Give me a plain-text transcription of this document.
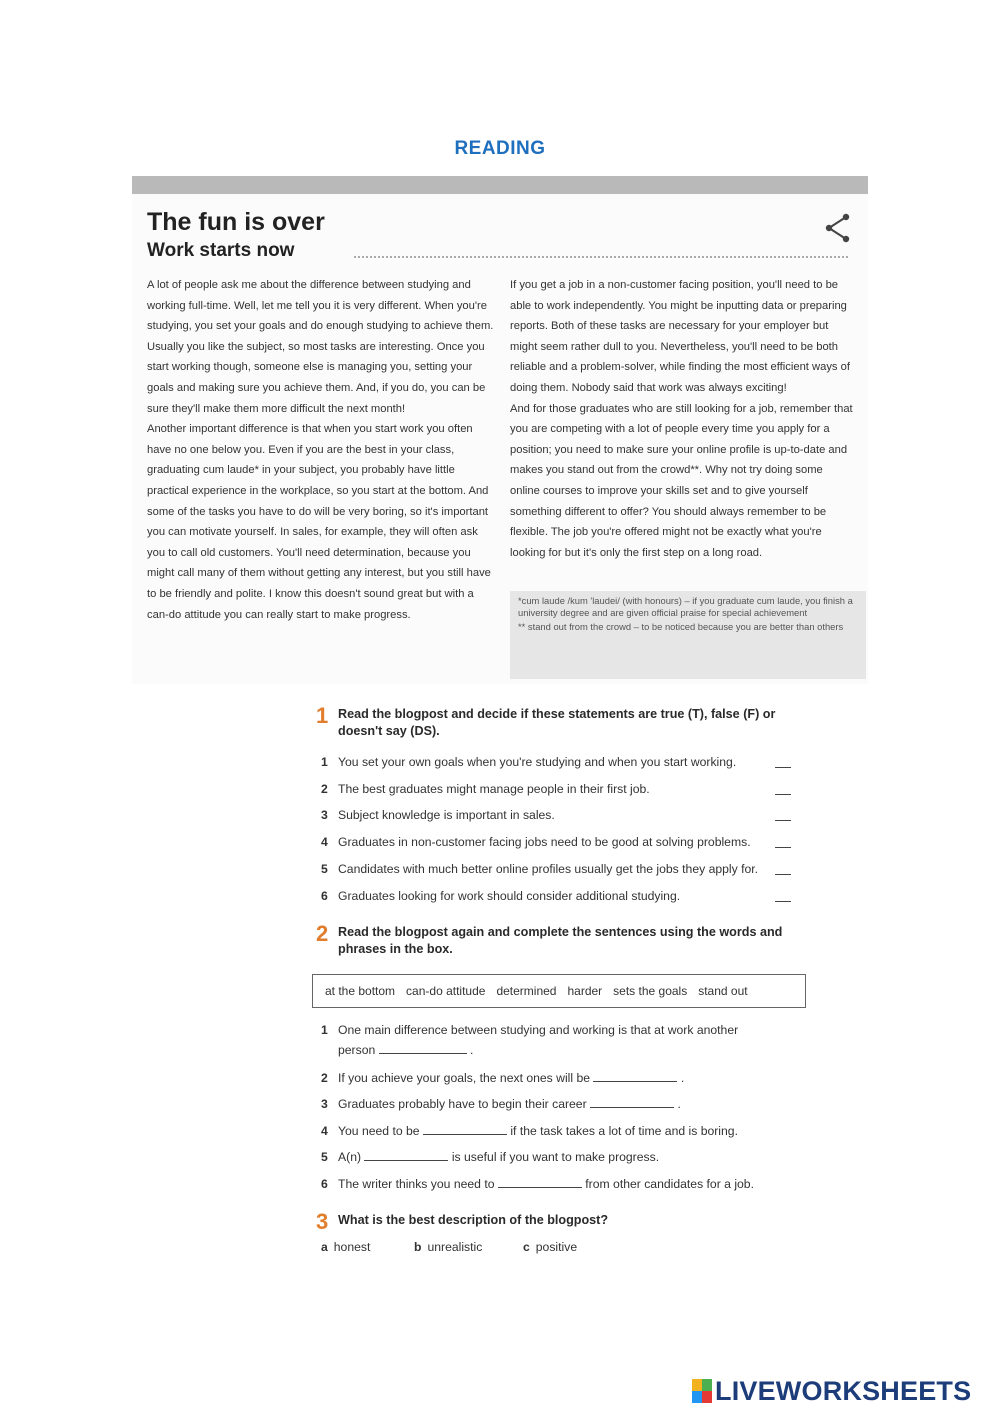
READING
The fun is over
Work starts now

A lot of people ask me about the difference between studying and working full-time. Well, let me tell you it is very different. When you're studying, you set your goals and do enough studying to achieve them. Usually you like the subject, so most tasks are interesting. Once you start working though, someone else is managing you, setting your goals and making sure you achieve them. And, if you do, you can be sure they'll make them more difficult the next month!

Another important difference is that when you start work you often have no one below you. Even if you are the best in your class, graduating cum laude* in your subject, you probably have little practical experience in the workplace, so you start at the bottom. And some of the tasks you have to do will be very boring, so it's important you can motivate yourself. In sales, for example, they will often ask you to call old customers. You'll need determination, because you might call many of them without getting any interest, but you still have to be friendly and polite. I know this doesn't sound great but with a can-do attitude you can really start to make progress.

If you get a job in a non-customer facing position, you'll need to be able to work independently. You might be inputting data or preparing reports. Both of these tasks are necessary for your employer but might seem rather dull to you. Nevertheless, you'll need to be both reliable and a problem-solver, while finding the most efficient ways of doing them. Nobody said that work was always exciting!

And for those graduates who are still looking for a job, remember that you are competing with a lot of people every time you apply for a position; you need to make sure your online profile is up-to-date and makes you stand out from the crowd**. Why not try doing some online courses to improve your skills set and to give yourself something different to offer? You should always remember to be flexible. The job you're offered might not be exactly what you're looking for but it's only the first step on a long road.

*cum laude /kum 'laudei/ (with honours) – if you graduate cum laude, you finish a university degree and are given official praise for special achievement

** stand out from the crowd – to be noticed because you are better than others

1 Read the blogpost and decide if these statements are true (T), false (F) or doesn't say (DS).
1 You set your own goals when you're studying and when you start working.
2 The best graduates might manage people in their first job.
3 Subject knowledge is important in sales.
4 Graduates in non-customer facing jobs need to be good at solving problems.
5 Candidates with much better online profiles usually get the jobs they apply for.
6 Graduates looking for work should consider additional studying.
2 Read the blogpost again and complete the sentences using the words and phrases in the box.
at the bottom can-do attitude determined harder sets the goals stand out
1 One main difference between studying and working is that at work another
person	.
2 If you achieve your goals, the next ones will be	.
3 Graduates probably have to begin their career	.
4 You need to be	if the task takes a lot of time and is boring.
5 A(n)	is useful if you want to make progress.
6 The writer thinks you need to	from other candidates for a job.
3 What is the best description of the blogpost?
a honest	b unrealistic	c positive
LIVEWORKSHEETS
